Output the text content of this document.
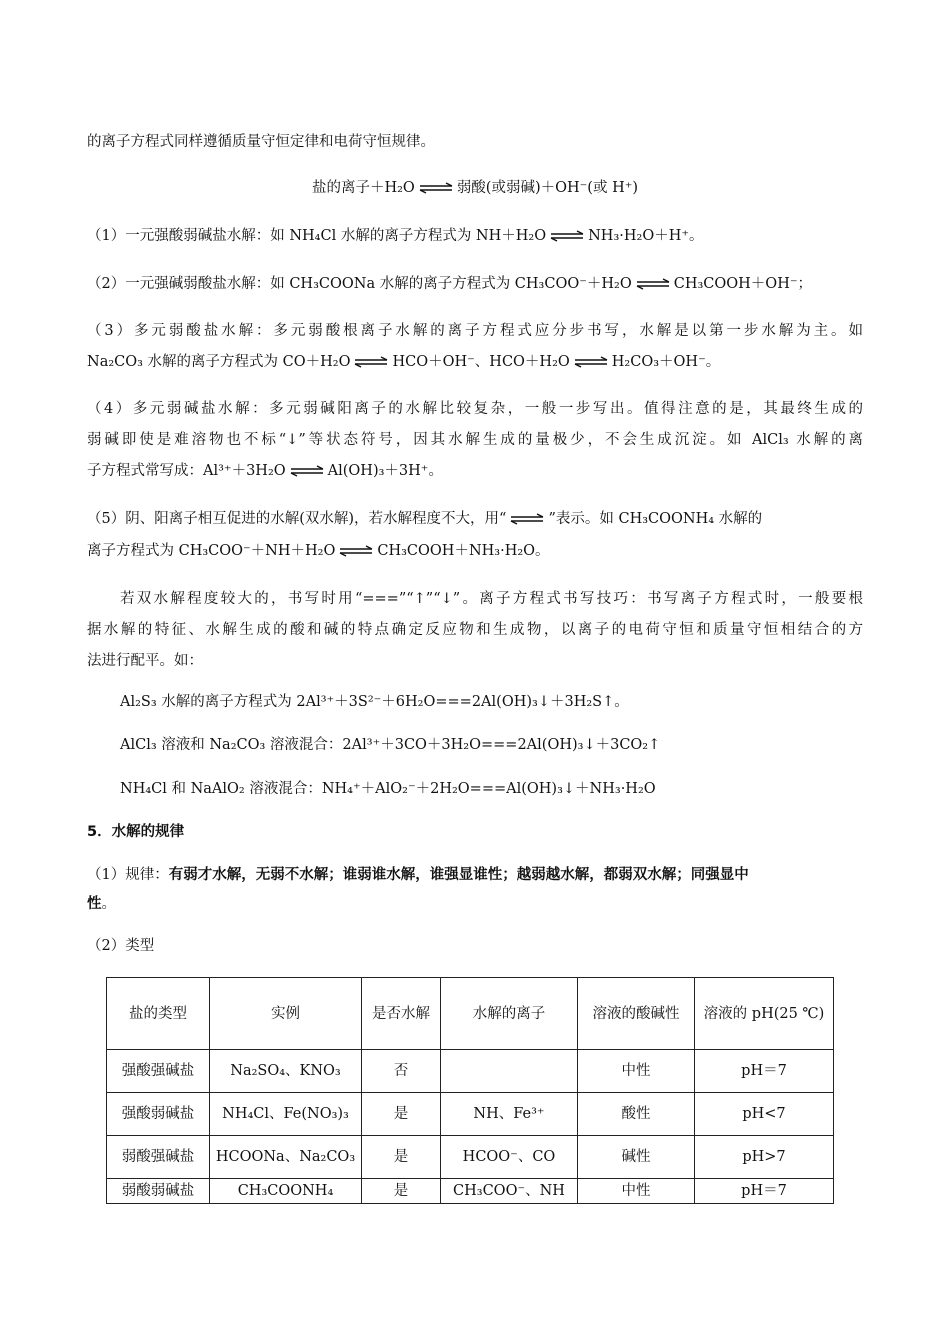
的离子方程式同样遵循质量守恒定律和电荷守恒规律。
盐的离子＋H₂O ⇌ 弱酸(或弱碱)＋OH⁻(或 H⁺)
（1）一元强酸弱碱盐水解：如 NH₄Cl 水解的离子方程式为 NH＋H₂O ⇌ NH₃·H₂O＋H⁺。
（2）一元强碱弱酸盐水解：如 CH₃COONa 水解的离子方程式为 CH₃COO⁻＋H₂O ⇌ CH₃COOH＋OH⁻；
（3）多元弱酸盐水解：多元弱酸根离子水解的离子方程式应分步书写，水解是以第一步水解为主。如
Na₂CO₃ 水解的离子方程式为 CO＋H₂O ⇌ HCO＋OH⁻、HCO＋H₂O ⇌ H₂CO₃＋OH⁻。
（4）多元弱碱盐水解：多元弱碱阳离子的水解比较复杂，一般一步写出。值得注意的是，其最终生成的
弱碱即使是难溶物也不标“↓”等状态符号，因其水解生成的量极少，不会生成沉淀。如 AlCl₃ 水解的离
子方程式常写成：Al³⁺＋3H₂O ⇌ Al(OH)₃＋3H⁺。
（5）阴、阳离子相互促进的水解(双水解)，若水解程度不大，用“ ⇌ ”表示。如 CH₃COONH₄ 水解的
离子方程式为 CH₃COO⁻＋NH＋H₂O ⇌ CH₃COOH＋NH₃·H₂O。
若双水解程度较大的，书写时用“===”“↑”“↓”。离子方程式书写技巧：书写离子方程式时，一般要根
据水解的特征、水解生成的酸和碱的特点确定反应物和生成物，以离子的电荷守恒和质量守恒相结合的方
法进行配平。如：
Al₂S₃ 水解的离子方程式为 2Al³⁺＋3S²⁻＋6H₂O===2Al(OH)₃↓＋3H₂S↑。
AlCl₃ 溶液和 Na₂CO₃ 溶液混合：2Al³⁺＋3CO＋3H₂O===2Al(OH)₃↓＋3CO₂↑
NH₄Cl 和 NaAlO₂ 溶液混合：NH₄⁺＋AlO₂⁻＋2H₂O===Al(OH)₃↓＋NH₃·H₂O
5．水解的规律
（1）规律：有弱才水解，无弱不水解；谁弱谁水解，谁强显谁性；越弱越水解，都弱双水解；同强显中
性。
（2）类型
盐的类型	实例	是否水解	水解的离子	溶液的酸碱性	溶液的 pH(25 ℃)
强酸强碱盐	Na₂SO₄、KNO₃	否		中性	pH＝7
强酸弱碱盐	NH₄Cl、Fe(NO₃)₃	是	NH、Fe³⁺	酸性	pH<7
弱酸强碱盐	HCOONa、Na₂CO₃	是	HCOO⁻、CO	碱性	pH>7
弱酸弱碱盐	CH₃COONH₄	是	CH₃COO⁻、NH	中性	pH＝7
